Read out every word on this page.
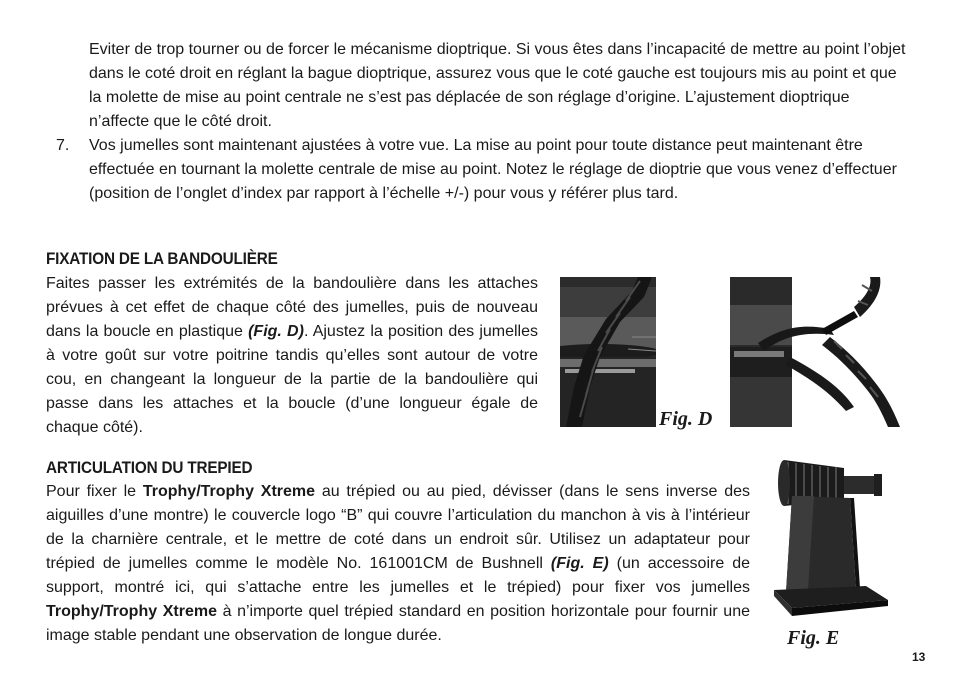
Eviter de trop tourner ou de forcer le mécanisme dioptrique. Si vous êtes dans l’incapacité de mettre au point l’objet dans le coté droit en réglant la bague dioptrique, assurez vous que le coté gauche est toujours mis au point et que la molette de mise au point centrale ne s’est pas déplacée de son réglage d’origine. L’ajustement dioptrique n’affecte que le côté droit.

7. Vos jumelles sont maintenant ajustées à votre vue. La mise au point pour toute distance peut maintenant être effectuée en tournant la molette centrale de mise au point. Notez le réglage de dioptrie que vous venez d’effectuer (position de l’onglet d’index par rapport à l’échelle +/-) pour vous y référer plus tard.

FIXATION DE LA BANDOULIÈRE

Faites passer les extrémités de la bandoulière dans les attaches prévues à cet effet de chaque côté des jumelles, puis de nouveau dans la boucle en plastique (Fig. D). Ajustez la position des jumelles à votre goût sur votre poitrine tandis qu’elles sont autour de votre cou, en changeant la longueur de la partie de la bandoulière qui passe dans les attaches et la boucle (d’une longueur égale de chaque côté).	Fig. D
ARTICULATION DU TREPIED

Pour fixer le Trophy/Trophy Xtreme au trépied ou au pied, dévisser (dans le sens inverse des aiguilles d’une montre) le couvercle logo “B” qui couvre l’articulation du manchon à vis à l’intérieur de la charnière centrale, et le mettre de coté dans un endroit sûr. Utilisez un adaptateur pour trépied de jumelles comme le modèle No. 161001CM de Bushnell (Fig. E) (un accessoire de support, montré ici, qui s’attache entre les jumelles et le trépied) pour fixer vos jumelles Trophy/Trophy Xtreme à n’importe quel trépied standard en position horizontale pour fournir une image stable pendant une observation de longue durée.	Fig. E
13
